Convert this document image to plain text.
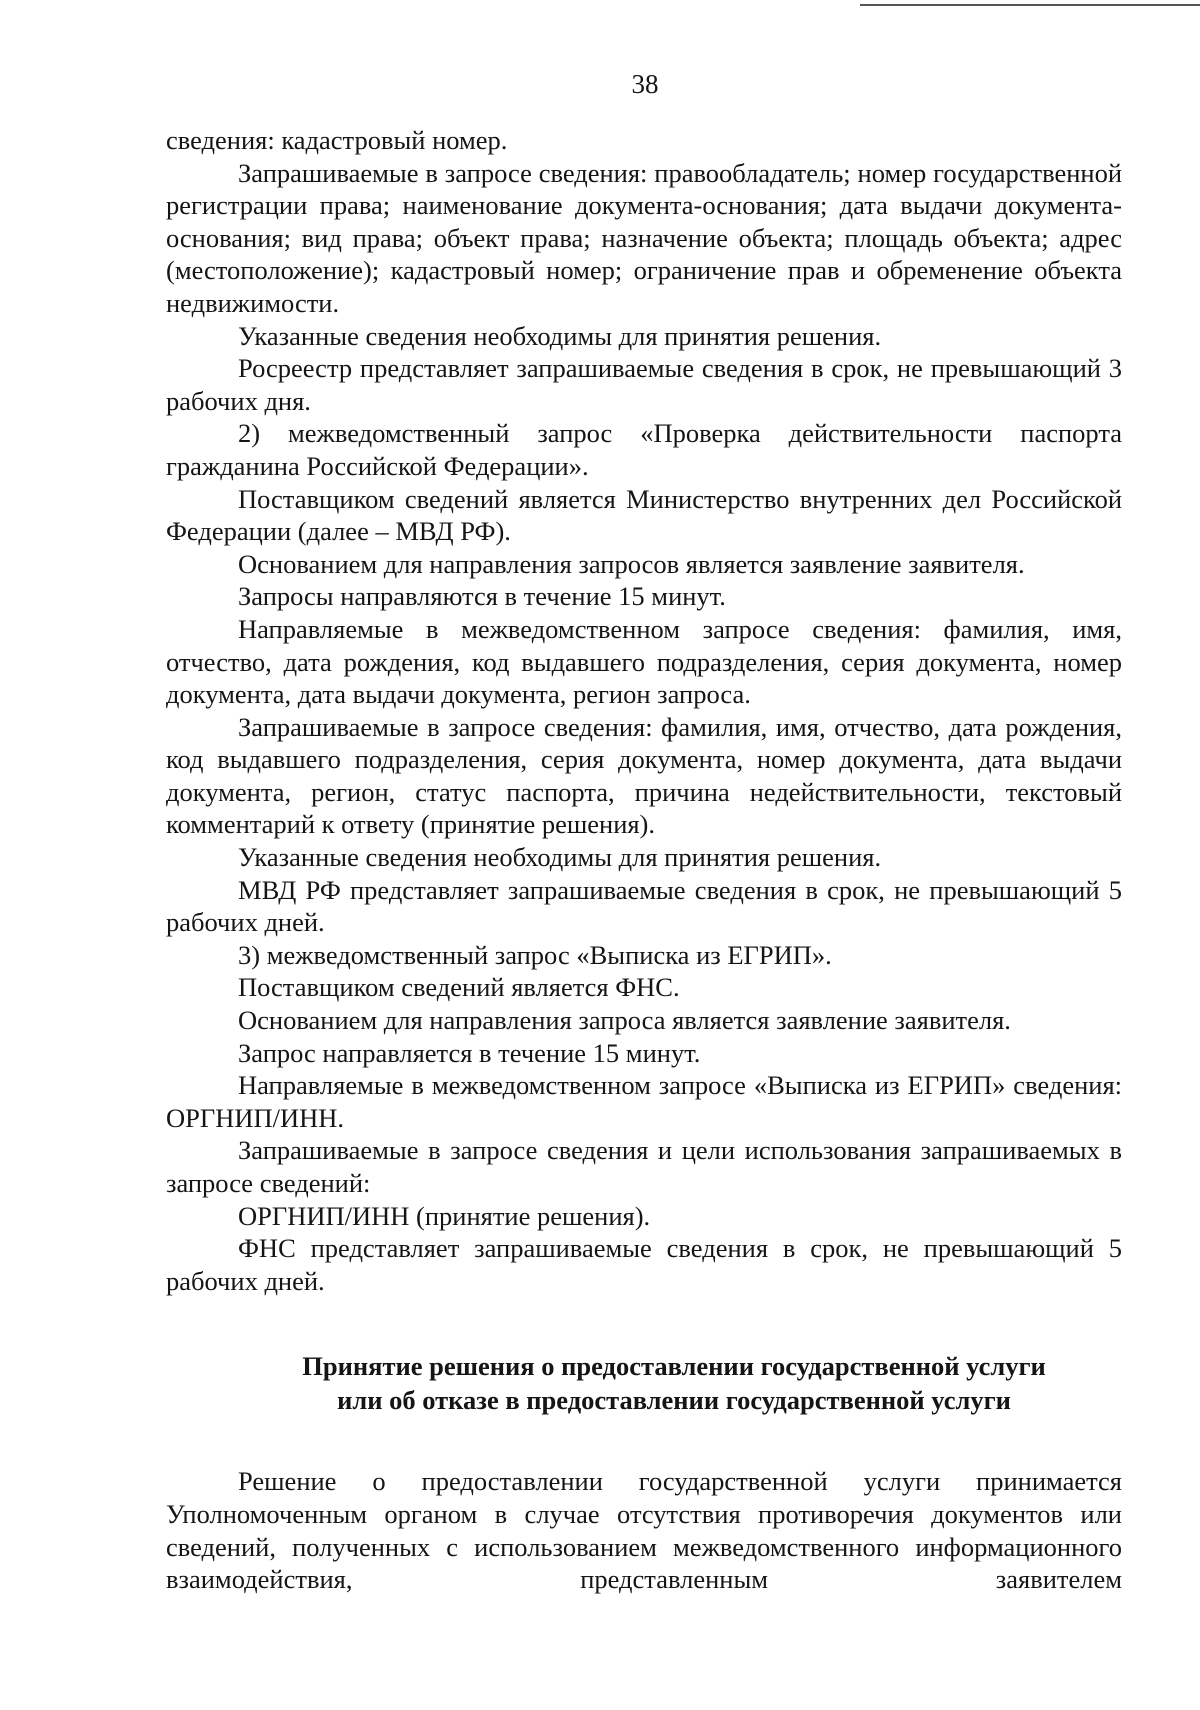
38

сведения: кадастровый номер.

Запрашиваемые в запросе сведения: правообладатель; номер государственной регистрации права; наименование документа-основания; дата выдачи документа-основания; вид права; объект права; назначение объекта; площадь объекта; адрес (местоположение); кадастровый номер; ограничение прав и обременение объекта недвижимости.

Указанные сведения необходимы для принятия решения.

Росреестр представляет запрашиваемые сведения в срок, не превышающий 3 рабочих дня.

2) межведомственный запрос «Проверка действительности паспорта гражданина Российской Федерации».

Поставщиком сведений является Министерство внутренних дел Российской Федерации (далее – МВД РФ).

Основанием для направления запросов является заявление заявителя.

Запросы направляются в течение 15 минут.

Направляемые в межведомственном запросе сведения: фамилия, имя, отчество, дата рождения, код выдавшего подразделения, серия документа, номер документа, дата выдачи документа, регион запроса.

Запрашиваемые в запросе сведения: фамилия, имя, отчество, дата рождения, код выдавшего подразделения, серия документа, номер документа, дата выдачи документа, регион, статус паспорта, причина недействительности, текстовый комментарий к ответу (принятие решения).

Указанные сведения необходимы для принятия решения.

МВД РФ представляет запрашиваемые сведения в срок, не превышающий 5 рабочих дней.

3) межведомственный запрос «Выписка из ЕГРИП».

Поставщиком сведений является ФНС.

Основанием для направления запроса является заявление заявителя.

Запрос направляется в течение 15 минут.

Направляемые в межведомственном запросе «Выписка из ЕГРИП» сведения: ОРГНИП/ИНН.

Запрашиваемые в запросе сведения и цели использования запрашиваемых в запросе сведений:

ОРГНИП/ИНН (принятие решения).

ФНС представляет запрашиваемые сведения в срок, не превышающий 5 рабочих дней.

Принятие решения о предоставлении государственной услуги
или об отказе в предоставлении государственной услуги

Решение о предоставлении государственной услуги принимается Уполномоченным органом в случае отсутствия противоречия документов или сведений, полученных с использованием межведомственного информационного взаимодействия, представленным заявителем
